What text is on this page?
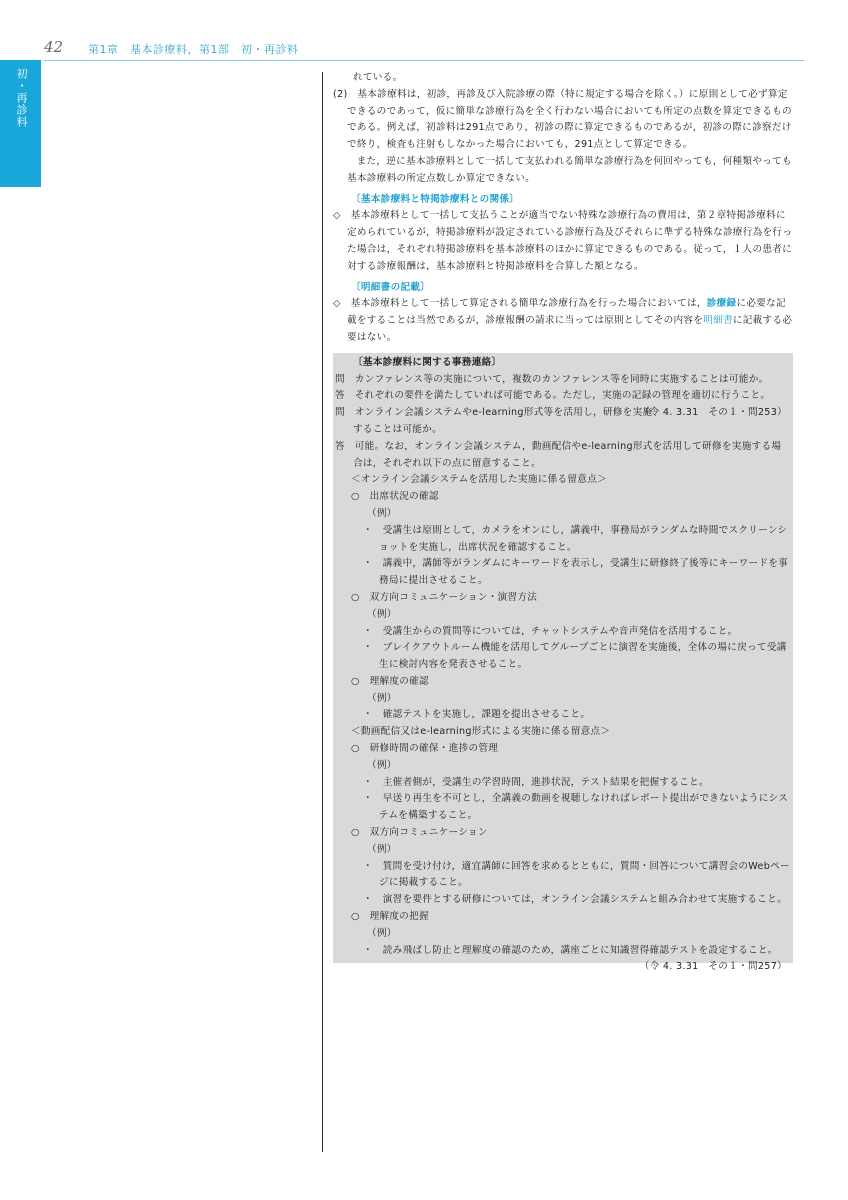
42 第1章　基本診療料，第1部　初・再診料
初・再診料	れている。

(2)　基本診療料は，初診，再診及び入院診療の際（特に規定する場合を除く。）に原則として必ず算定できるのであって，仮に簡単な診療行為を全く行わない場合においても所定の点数を算定できるものである。例えば，初診料は291点であり，初診の際に算定できるものであるが，初診の際に診察だけで終り，検査も注射もしなかった場合においても，291点として算定できる。

また，逆に基本診療料として一括して支払われる簡単な診療行為を何回やっても，何種類やっても基本診療料の所定点数しか算定できない。

〔基本診療料と特掲診療料との関係〕

◇　基本診療料として一括して支払うことが適当でない特殊な診療行為の費用は，第２章特掲診療料に定められているが，特掲診療料が設定されている診療行為及びそれらに準ずる特殊な診療行為を行った場合は，それぞれ特掲診療料を基本診療料のほかに算定できるものである。従って，１人の患者に対する診療報酬は，基本診療料と特掲診療料を合算した額となる。

〔明細書の記載〕

◇　基本診療料として一括して算定される簡単な診療行為を行った場合においては，診療録に必要な記載をすることは当然であるが，診療報酬の請求に当っては原則としてその内容を明細書に記載する必要はない。

〔基本診療料に関する事務連絡〕

問　カンファレンス等の実施について，複数のカンファレンス等を同時に実施することは可能か。

答　それぞれの要件を満たしていれば可能である。ただし，実施の記録の管理を適切に行うこと。
（令 4. 3.31　その１・問253）

問　オンライン会議システムやe-learning形式等を活用し，研修を実施することは可能か。

答　可能。なお，オンライン会議システム，動画配信やe-learning形式を活用して研修を実施する場合は，それぞれ以下の点に留意すること。

＜オンライン会議システムを活用した実施に係る留意点＞

○　出席状況の確認

（例）

・　受講生は原則として，カメラをオンにし，講義中，事務局がランダムな時間でスクリーンショットを実施し，出席状況を確認すること。

・　講義中，講師等がランダムにキーワードを表示し，受講生に研修終了後等にキーワードを事務局に提出させること。

○　双方向コミュニケーション・演習方法

（例）

・　受講生からの質問等については，チャットシステムや音声発信を活用すること。

・　ブレイクアウトルーム機能を活用してグループごとに演習を実施後，全体の場に戻って受講生に検討内容を発表させること。

○　理解度の確認

（例）

・　確認テストを実施し，課題を提出させること。

＜動画配信又はe-learning形式による実施に係る留意点＞

○　研修時間の確保・進捗の管理

（例）

・　主催者側が，受講生の学習時間，進捗状況，テスト結果を把握すること。

・　早送り再生を不可とし，全講義の動画を視聴しなければレポート提出ができないようにシステムを構築すること。

○　双方向コミュニケーション

（例）

・　質問を受け付け，適宜講師に回答を求めるとともに，質問・回答について講習会のWebページに掲載すること。

・　演習を要件とする研修については，オンライン会議システムと組み合わせて実施すること。

○　理解度の把握

（例）

・　読み飛ばし防止と理解度の確認のため，講座ごとに知識習得確認テストを設定すること。
（令 4. 3.31　その１・問257）
